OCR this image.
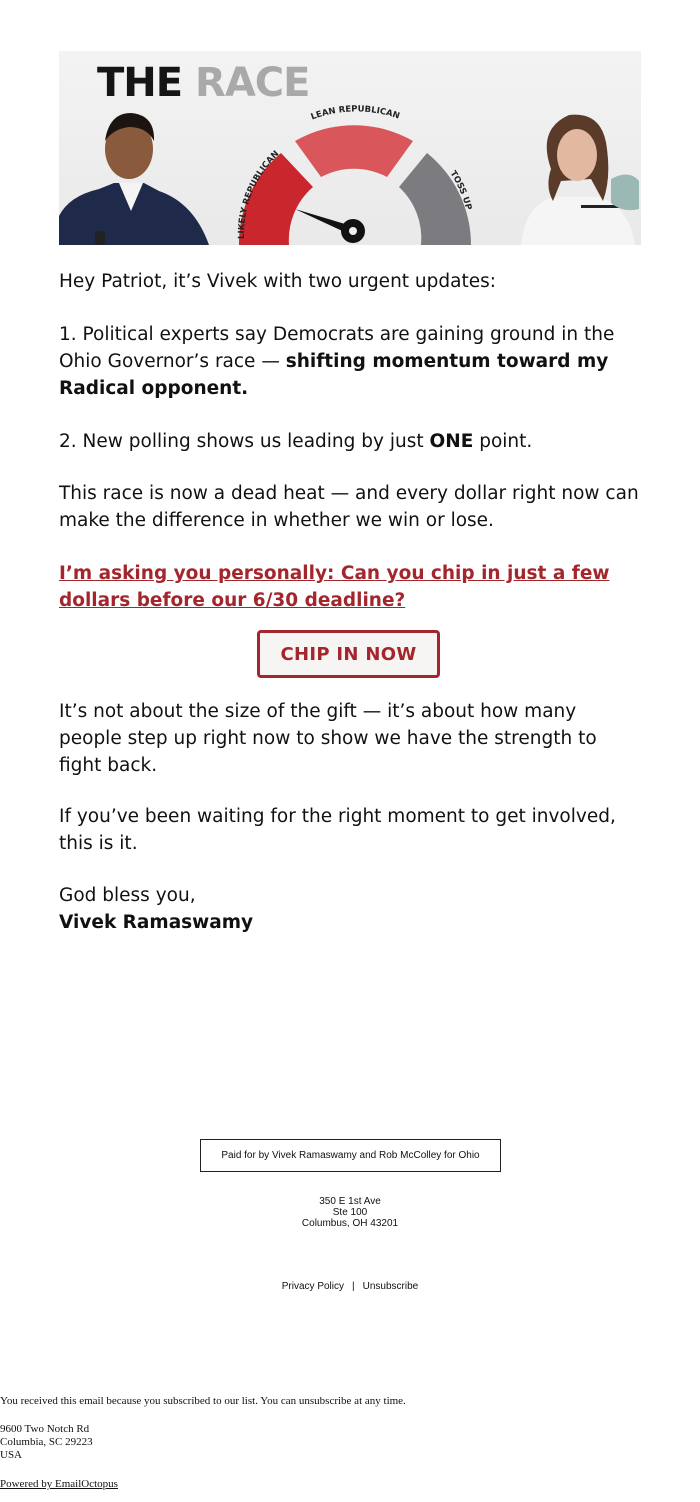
THE RACE
LIKELY REPUBLICAN
LEAN REPUBLICAN
TOSS UP

Hey Patriot, it’s Vivek with two urgent updates:

1. Political experts say Democrats are gaining ground in the Ohio Governor’s race — shifting momentum toward my Radical opponent.

2. New polling shows us leading by just ONE point.

This race is now a dead heat — and every dollar right now can make the difference in whether we win or lose.

I’m asking you personally: Can you chip in just a few dollars before our 6/30 deadline?

CHIP IN NOW

It’s not about the size of the gift — it’s about how many people step up right now to show we have the strength to fight back.

If you’ve been waiting for the right moment to get involved, this is it.

God bless you,

Vivek Ramaswamy

Paid for by Vivek Ramaswamy and Rob McColley for Ohio
350 E 1st Ave
Ste 100
Columbus, OH 43201
Privacy Policy | Unsubscribe
You received this email because you subscribed to our list. You can unsubscribe at any time.
9600 Two Notch Rd
Columbia, SC 29223
USA
Powered by EmailOctopus
